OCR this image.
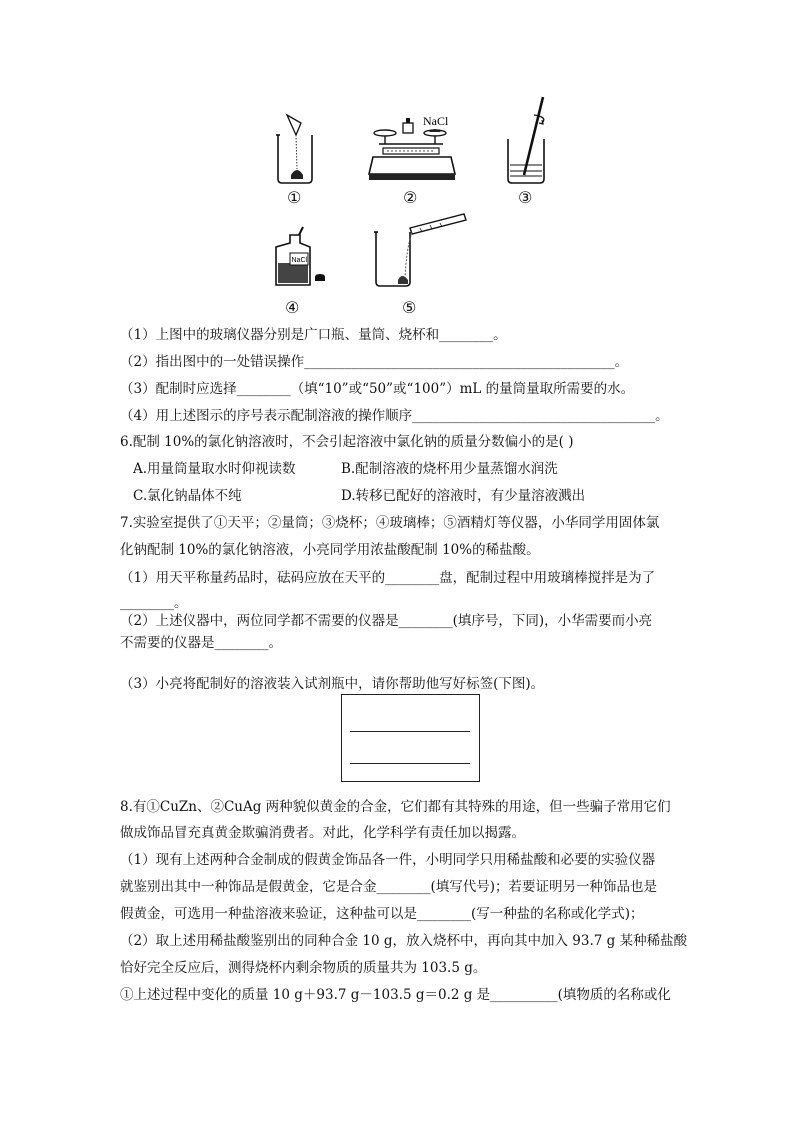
①
NaCl
②	③
NaCl
④	⑤
（1）上图中的玻璃仪器分别是广口瓶、量筒、烧杯和________。
（2）指出图中的一处错误操作______________________________________________。
（3）配制时应选择________（填“10”或“50”或“100”）mL 的量筒量取所需要的水。
（4）用上述图示的序号表示配制溶液的操作顺序____________________________________。
6.配制 10%的氯化钠溶液时，不会引起溶液中氯化钠的质量分数偏小的是( )
A.用量筒量取水时仰视读数	B.配制溶液的烧杯用少量蒸馏水润洗
C.氯化钠晶体不纯	D.转移已配好的溶液时，有少量溶液溅出
7.实验室提供了①天平；②量筒；③烧杯；④玻璃棒；⑤酒精灯等仪器，小华同学用固体氯
化钠配制 10%的氯化钠溶液，小亮同学用浓盐酸配制 10%的稀盐酸。
（1）用天平称量药品时，砝码应放在天平的________盘，配制过程中用玻璃棒搅拌是为了
________。
（2）上述仪器中，两位同学都不需要的仪器是________(填序号，下同)，小华需要而小亮
不需要的仪器是________。
（3）小亮将配制好的溶液装入试剂瓶中，请你帮助他写好标签(下图)。
8.有①CuZn、②CuAg 两种貌似黄金的合金，它们都有其特殊的用途，但一些骗子常用它们
做成饰品冒充真黄金欺骗消费者。对此，化学科学有责任加以揭露。
（1）现有上述两种合金制成的假黄金饰品各一件，小明同学只用稀盐酸和必要的实验仪器
就鉴别出其中一种饰品是假黄金，它是合金________(填写代号)；若要证明另一种饰品也是
假黄金，可选用一种盐溶液来验证，这种盐可以是________(写一种盐的名称或化学式)；
（2）取上述用稀盐酸鉴别出的同种合金 10 g，放入烧杯中，再向其中加入 93.7 g 某种稀盐酸
恰好完全反应后，测得烧杯内剩余物质的质量共为 103.5 g。
①上述过程中变化的质量 10 g＋93.7 g－103.5 g＝0.2 g 是__________(填物质的名称或化
